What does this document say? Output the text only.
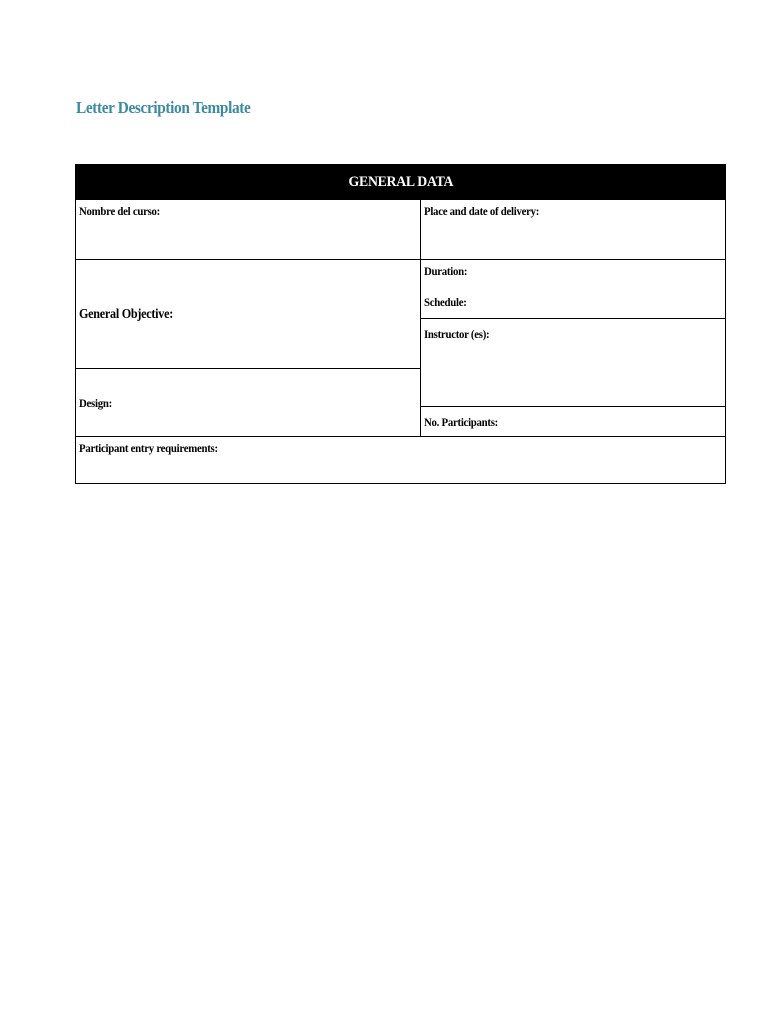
Letter Description Template
GENERAL DATA	
Nombre del curso:	Place and date of delivery:
General Objective:	Duration:
Schedule:

	Instructor (es):
Design:	
	No. Participants:
Participant entry requirements:	
